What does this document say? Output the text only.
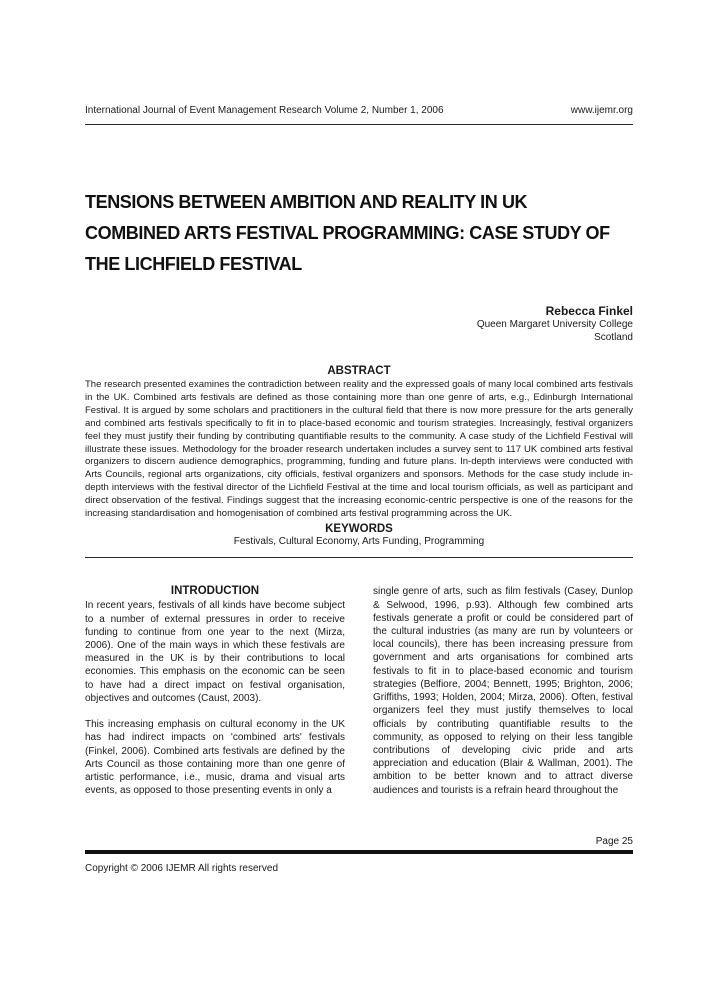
International Journal of Event Management Research Volume 2, Number 1, 2006	www.ijemr.org
TENSIONS BETWEEN AMBITION AND REALITY IN UK
COMBINED ARTS FESTIVAL PROGRAMMING: CASE STUDY OF
THE LICHFIELD FESTIVAL
Rebecca Finkel
Queen Margaret University College
Scotland
ABSTRACT
The research presented examines the contradiction between reality and the expressed goals of many local combined arts festivals in the UK. Combined arts festivals are defined as those containing more than one genre of arts, e.g., Edinburgh International Festival. It is argued by some scholars and practitioners in the cultural field that there is now more pressure for the arts generally and combined arts festivals specifically to fit in to place-based economic and tourism strategies. Increasingly, festival organizers feel they must justify their funding by contributing quantifiable results to the community. A case study of the Lichfield Festival will illustrate these issues. Methodology for the broader research undertaken includes a survey sent to 117 UK combined arts festival organizers to discern audience demographics, programming, funding and future plans. In-depth interviews were conducted with Arts Councils, regional arts organizations, city officials, festival organizers and sponsors. Methods for the case study include in-depth interviews with the festival director of the Lichfield Festival at the time and local tourism officials, as well as participant and direct observation of the festival. Findings suggest that the increasing economic-centric perspective is one of the reasons for the increasing standardisation and homogenisation of combined arts festival programming across the UK.
KEYWORDS
Festivals, Cultural Economy, Arts Funding, Programming
INTRODUCTION

In recent years, festivals of all kinds have become subject to a number of external pressures in order to receive funding to continue from one year to the next (Mirza, 2006). One of the main ways in which these festivals are measured in the UK is by their contributions to local economies. This emphasis on the economic can be seen to have had a direct impact on festival organisation, objectives and outcomes (Caust, 2003).

This increasing emphasis on cultural economy in the UK has had indirect impacts on 'combined arts' festivals (Finkel, 2006). Combined arts festivals are defined by the Arts Council as those containing more than one genre of artistic performance, i.e., music, drama and visual arts events, as opposed to those presenting events in only a

single genre of arts, such as film festivals (Casey, Dunlop & Selwood, 1996, p.93). Although few combined arts festivals generate a profit or could be considered part of the cultural industries (as many are run by volunteers or local councils), there has been increasing pressure from government and arts organisations for combined arts festivals to fit in to place-based economic and tourism strategies (Belfiore, 2004; Bennett, 1995; Brighton, 2006; Griffiths, 1993; Holden, 2004; Mirza, 2006). Often, festival organizers feel they must justify themselves to local officials by contributing quantifiable results to the community, as opposed to relying on their less tangible contributions of developing civic pride and arts appreciation and education (Blair & Wallman, 2001). The ambition to be better known and to attract diverse audiences and tourists is a refrain heard throughout the

Page 25
Copyright © 2006 IJEMR All rights reserved
